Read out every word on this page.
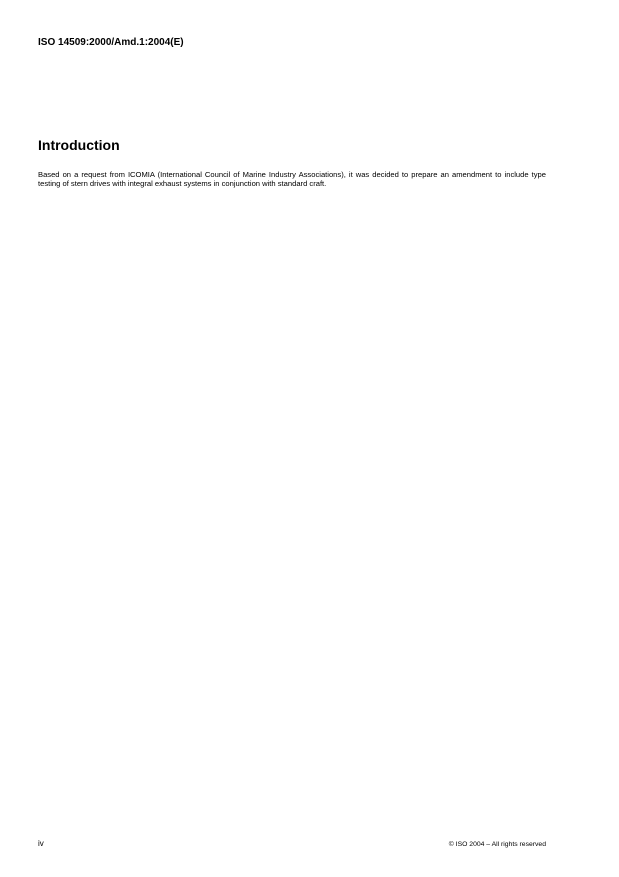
ISO 14509:2000/Amd.1:2004(E)
Introduction

Based on a request from ICOMIA (International Council of Marine Industry Associations), it was decided to prepare an amendment to include type testing of stern drives with integral exhaust systems in conjunction with standard craft.

iv	© ISO 2004 – All rights reserved
